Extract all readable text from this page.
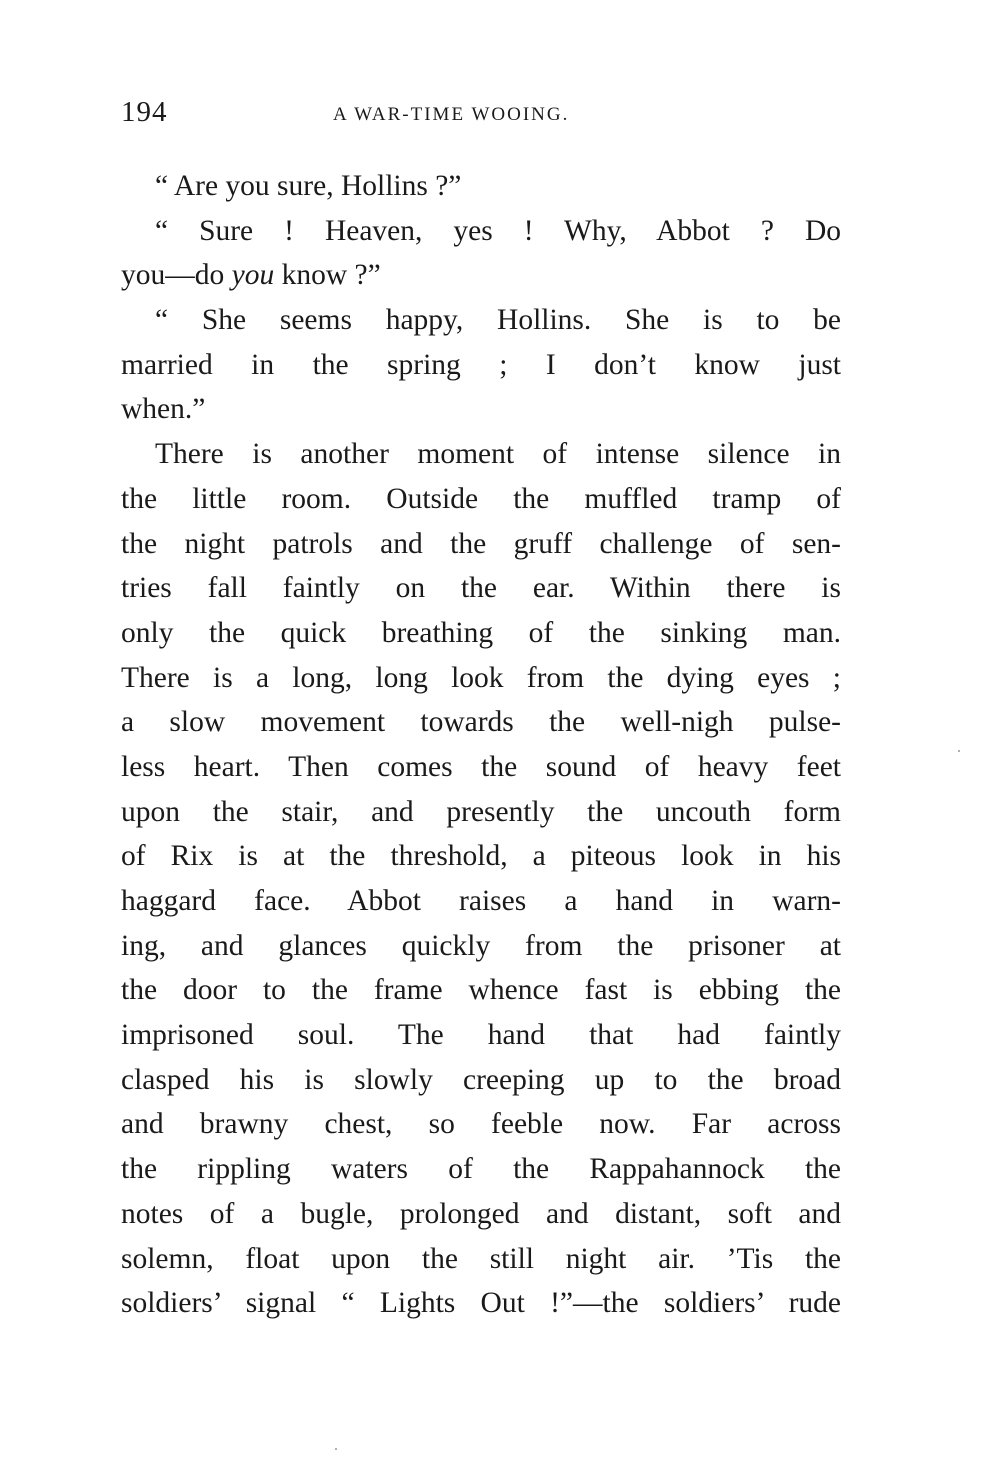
194	A WAR-TIME WOOING.
“ Are you sure, Hollins ?”
“ Sure ! Heaven, yes ! Why, Abbot ? Do
you—do you know ?”
“ She seems happy, Hollins. She is to be
married in the spring ; I don’t know just
when.”
There is another moment of intense silence in
the little room. Outside the muffled tramp of
the night patrols and the gruff challenge of sen-
tries fall faintly on the ear. Within there is
only the quick breathing of the sinking man.
There is a long, long look from the dying eyes ;
a slow movement towards the well-nigh pulse-
less heart. Then comes the sound of heavy feet
upon the stair, and presently the uncouth form
of Rix is at the threshold, a piteous look in his
haggard face. Abbot raises a hand in warn-
ing, and glances quickly from the prisoner at
the door to the frame whence fast is ebbing the
imprisoned soul. The hand that had faintly
clasped his is slowly creeping up to the broad
and brawny chest, so feeble now. Far across
the rippling waters of the Rappahannock the
notes of a bugle, prolonged and distant, soft and
solemn, float upon the still night air. ’Tis the
soldiers’ signal “ Lights Out !”—the soldiers’ rude
